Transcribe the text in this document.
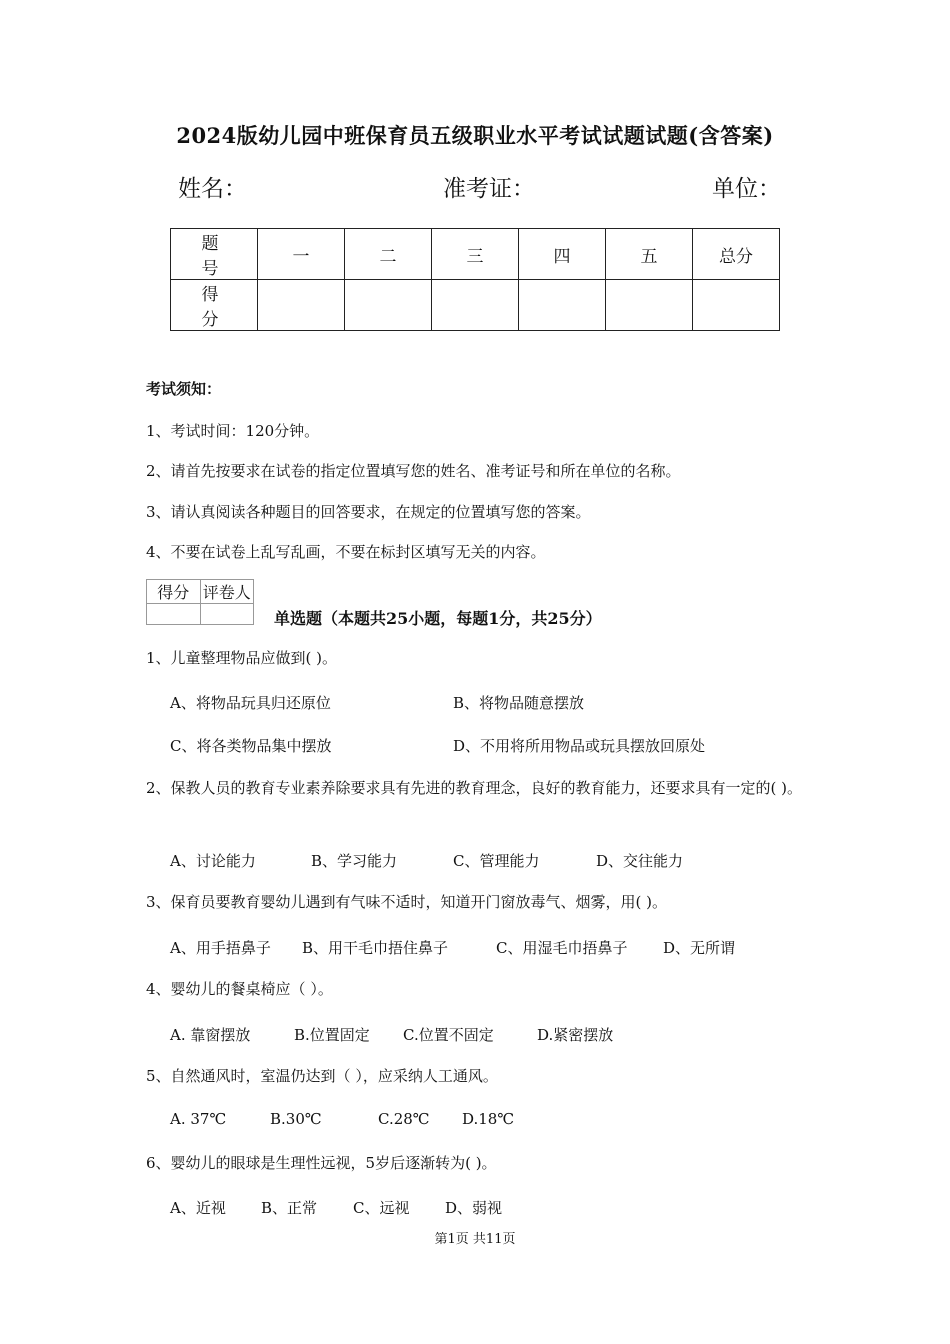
2024版幼儿园中班保育员五级职业水平考试试题试题(含答案)
姓名：	准考证：	单位：
题 号	一	二	三	四	五	总分
得 分						
考试须知：
1、考试时间：120分钟。
2、请首先按要求在试卷的指定位置填写您的姓名、准考证号和所在单位的名称。
3、请认真阅读各种题目的回答要求，在规定的位置填写您的答案。
4、不要在试卷上乱写乱画，不要在标封区填写无关的内容。
得分	评卷人

单选题（本题共25小题，每题1分，共25分）
1、儿童整理物品应做到( )。
A、将物品玩具归还原位	B、将物品随意摆放
C、将各类物品集中摆放	D、不用将所用物品或玩具摆放回原处
2、保教人员的教育专业素养除要求具有先进的教育理念，良好的教育能力，还要求具有一定的( )。
A、讨论能力	B、学习能力	C、管理能力	D、交往能力
3、保育员要教育婴幼儿遇到有气味不适时，知道开门窗放毒气、烟雾，用( )。
A、用手捂鼻子 B、用干毛巾捂住鼻子	C、用湿毛巾捂鼻子 D、无所谓
4、婴幼儿的餐桌椅应（ ）。
A. 靠窗摆放	B.位置固定 C.位置不固定	D.紧密摆放
5、自然通风时，室温仍达到（ ），应采纳人工通风。
A. 37℃	B.30℃	C.28℃ D.18℃
6、婴幼儿的眼球是生理性远视，5岁后逐渐转为( )。
A、近视 B、正常 C、远视 D、弱视
第1页 共11页
